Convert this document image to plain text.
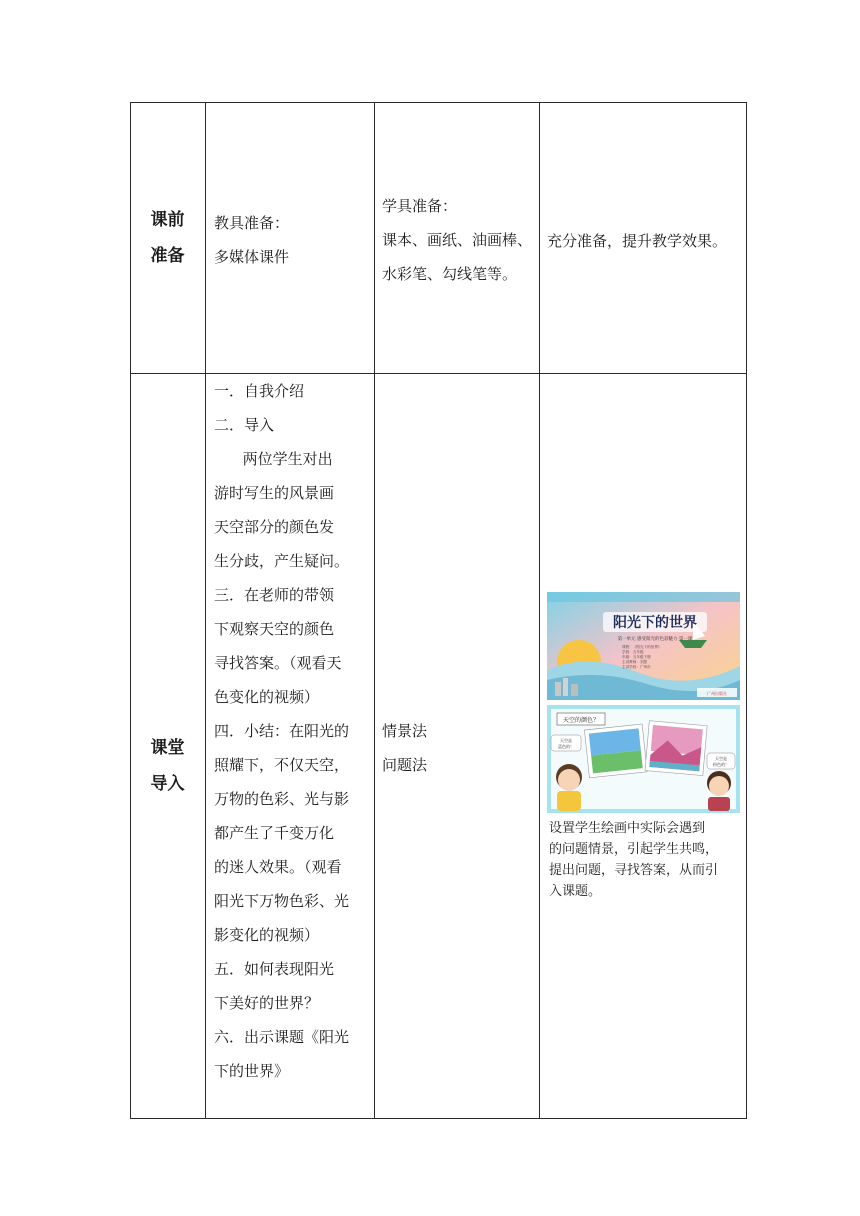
课前

准备

教具准备：

多媒体课件

学具准备：

课本、画纸、油画棒、

水彩笔、勾线笔等。

充分准备，提升教学效果。

课堂

导入

一．自我介绍

二．导入

两位学生对出

游时写生的风景画

天空部分的颜色发

生分歧，产生疑问。

三．在老师的带领

下观察天空的颜色

寻找答案。（观看天

色变化的视频）

四．小结：在阳光的

照耀下，不仅天空，

万物的色彩、光与影

都产生了千变万化

的迷人效果。（观看

阳光下万物色彩、光

影变化的视频）

五．如何表现阳光

下美好的世界？

六．出示课题《阳光

下的世界》

情景法

问题法

阳光下的世界
第一单元 感受阳光的色彩魅力 第一课
课程：《阳光下的世界》
学段：五年级
年级：五年级下册
主讲教师：刘思
主讲学校：广州市
广州出版社
天空的颜色？
天空是
蓝色的！
天空是
粉色的！

设置学生绘画中实际会遇到

的问题情景，引起学生共鸣，

提出问题，寻找答案，从而引

入课题。
